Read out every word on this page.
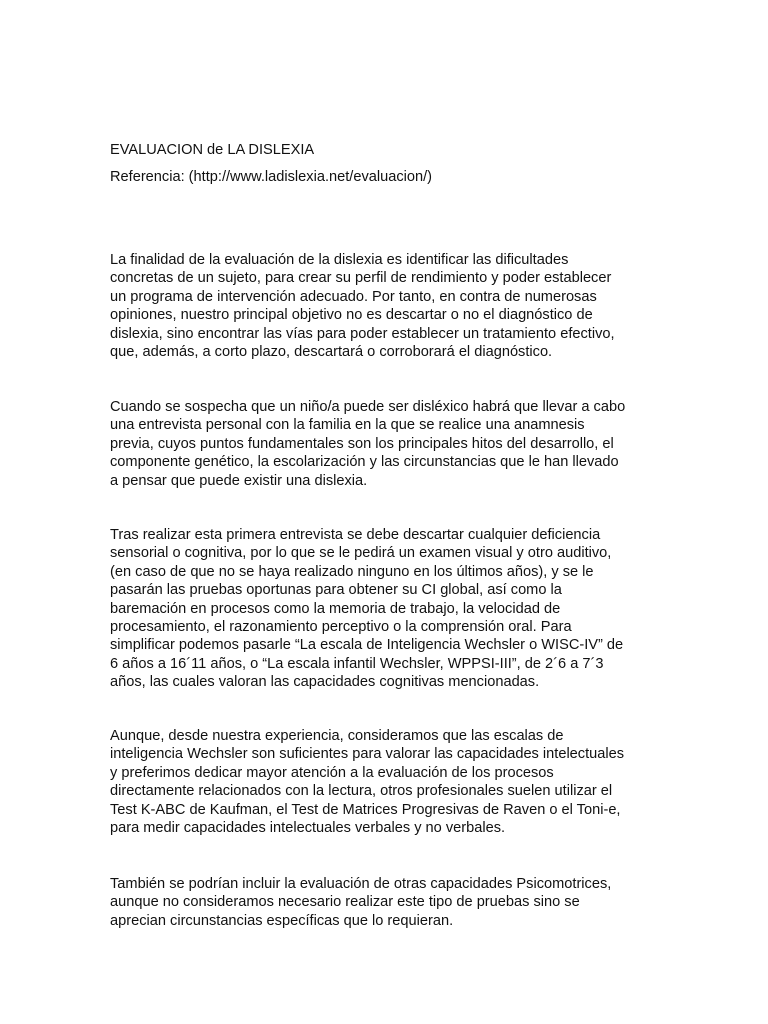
EVALUACION de LA DISLEXIA

Referencia: (http://www.ladislexia.net/evaluacion/)

La finalidad de la evaluación de la dislexia es identificar las dificultades
concretas de un sujeto, para crear su perfil de rendimiento y poder establecer
un programa de intervención adecuado. Por tanto, en contra de numerosas
opiniones, nuestro principal objetivo no es descartar o no el diagnóstico de
dislexia, sino encontrar las vías para poder establecer un tratamiento efectivo,
que, además, a corto plazo, descartará o corroborará el diagnóstico.
Cuando se sospecha que un niño/a puede ser disléxico habrá que llevar a cabo
una entrevista personal con la familia en la que se realice una anamnesis
previa, cuyos puntos fundamentales son los principales hitos del desarrollo, el
componente genético, la escolarización y las circunstancias que le han llevado
a pensar que puede existir una dislexia.
Tras realizar esta primera entrevista se debe descartar cualquier deficiencia
sensorial o cognitiva, por lo que se le pedirá un examen visual y otro auditivo,
(en caso de que no se haya realizado ninguno en los últimos años), y se le
pasarán las pruebas oportunas para obtener su CI global, así como la
baremación en procesos como la memoria de trabajo, la velocidad de
procesamiento, el razonamiento perceptivo o la comprensión oral. Para
simplificar podemos pasarle “La escala de Inteligencia Wechsler o WISC-IV” de
6 años a 16´11 años, o “La escala infantil Wechsler, WPPSI-III”, de 2´6 a 7´3
años, las cuales valoran las capacidades cognitivas mencionadas.
Aunque, desde nuestra experiencia, consideramos que las escalas de
inteligencia Wechsler son suficientes para valorar las capacidades intelectuales
y preferimos dedicar mayor atención a la evaluación de los procesos
directamente relacionados con la lectura, otros profesionales suelen utilizar el
Test K-ABC de Kaufman, el Test de Matrices Progresivas de Raven o el Toni-e,
para medir capacidades intelectuales verbales y no verbales.
También se podrían incluir la evaluación de otras capacidades Psicomotrices,
aunque no consideramos necesario realizar este tipo de pruebas sino se
aprecian circunstancias específicas que lo requieran.
